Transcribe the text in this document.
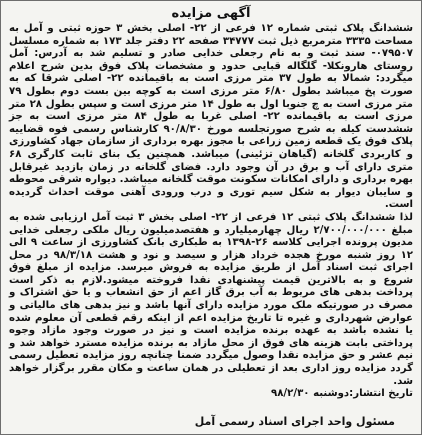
آگهی مزایده

ششدانگ پلاک ثبتی شماره ۱۲ فرعی از ۲۲- اصلی بخش ۳ حوزه ثبتی و آمل به مساحت ۳۳۳۵ مترمربع ذیل ثبت ۳۴۷۷۷ صفحه ۲۲ دفتر جلد ۱۷۳ به شماره مسلسل ۰۷۹۵۰۷- سند ثبت و به نام رجعلی خدایی صادر و تسلیم شد به آدرس: آمل روستای هارونکلا- گلگاله قبایی حدود و مشخصات پلاک فوق بدین شرح اعلام میگردد: شمالا به طول ۳۷ متر مرزی است به باقیمانده ۲۲- اصلی شرقا که به صورت پخ میباشد بطول ۶/۸۰ متر مرزی است به کوچه بین بست دوم بطول ۷۹ متر مرزی است به چ جنوبا اول به طول ۱۴ متر مرزی است و سپس بطول ۲۸ متر مرزی است به باقیمانده ۲۲- اصلی غربا به طول ۸۴ متر مرزی است به جز ششدست کیله به شرح صورتجلسه مورخ ۹۰/۸/۳۰ کارشناس رسمی فوه قضاییه پلاک فوق یک قطعه زمین زراعی با مجوز بهره برداری از سازمان جهاد کشاورزی و کاربردی گلخانه (گیاهان تزئینی) میباشد. همچنین یک بنای ثابت کارگری ۶۸ متری دارای آب و برق در آن وجود دارد. فضای گلخانه در زمان بازدید غیرقابل بهره برداری و دارای امکانات سکونت موقت گلخانه میباشد. دیواره شرقی محوطه و سایبان دیوار به شکل سیم توری و درب ورودی آهنی موقت احداث گردیده است.

لذا ششدانگ پلاک ثبتی ۱۲ فرعی از ۲۲- اصلی بخش ۳ ثبت آمل ارزیابی شده به مبلغ ۲/۷۰۰/۰۰۰/۰۰۰ ریال چهارمیلیارد و هفتصدمیلیون ریال ملکی رجعلی خدایی مدیون پرونده اجرایی کلاسه ۲۶-۱۳۹۸ به طبکاری بانک کشاورزی از ساعت ۹ الی ۱۲ روز شنبه مورخ هجده خرداد هزار و سیصد و نود و هشت ۹۸/۳/۱۸ در محل اجرای ثبت اسناد آمل از طریق مزایده به فروش میرسد. مزایده از مبلغ فوق شروع و به بالاترین قیمت پیشنهادی نقدا فروخته میشود.لازم به ذکر است پرداخت بدهی های مربوط به آب برق گاز اعم از حق انشعاب و یا حق اشتراک و مصرف در صورتیکه ملک مورد مزایده دارای آنها باشد و نیز بدهی های مالیاتی و عوارض شهرداری و غیره تا تاریخ مزایده اعم از اینکه رقم قطعی آن معلوم شده یا نشده باشد به عهده برنده مزایده است و نیز در صورت وجود مازاد وجوه پرداختی بابت هزینه های فوق از محل مازاد به برنده مزایده مسترد خواهد شد و نیم عشر و حق مزایده نقدا وصول میگردد ضمنا چنانچه روز مزایده تعطیل رسمی گردد مزایده روز اداری بعد از تعطیلی در همان ساعت و مکان مقرر برگزار خواهد شد.

تاریخ انتشار:دوشنبه ۹۸/۲/۳۰

مسئول واحد اجرای اسناد رسمی آمل
